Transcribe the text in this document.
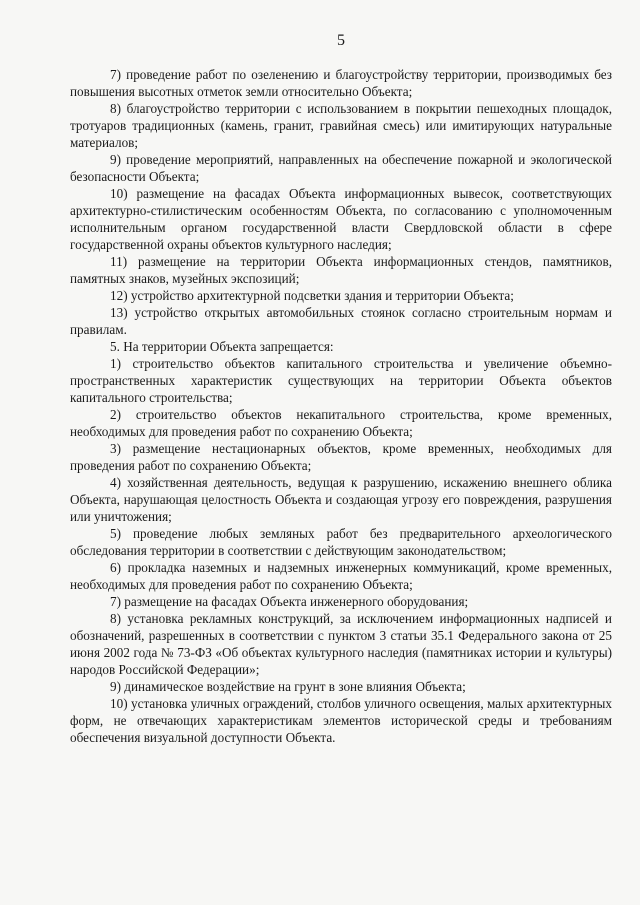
5

7) проведение работ по озеленению и благоустройству территории, производимых без повышения высотных отметок земли относительно Объекта;

8) благоустройство территории с использованием в покрытии пешеходных площадок, тротуаров традиционных (камень, гранит, гравийная смесь) или имитирующих натуральные материалов;

9) проведение мероприятий, направленных на обеспечение пожарной и экологической безопасности Объекта;

10) размещение на фасадах Объекта информационных вывесок, соответствующих архитектурно-стилистическим особенностям Объекта, по согласованию с уполномоченным исполнительным органом государственной власти Свердловской области в сфере государственной охраны объектов культурного наследия;

11) размещение на территории Объекта информационных стендов, памятников, памятных знаков, музейных экспозиций;

12) устройство архитектурной подсветки здания и территории Объекта;

13) устройство открытых автомобильных стоянок согласно строительным нормам и правилам.

5. На территории Объекта запрещается:

1) строительство объектов капитального строительства и увеличение объемно-пространственных характеристик существующих на территории Объекта объектов капитального строительства;

2) строительство объектов некапитального строительства, кроме временных, необходимых для проведения работ по сохранению Объекта;

3) размещение нестационарных объектов, кроме временных, необходимых для проведения работ по сохранению Объекта;

4) хозяйственная деятельность, ведущая к разрушению, искажению внешнего облика Объекта, нарушающая целостность Объекта и создающая угрозу его повреждения, разрушения или уничтожения;

5) проведение любых земляных работ без предварительного археологического обследования территории в соответствии с действующим законодательством;

6) прокладка наземных и надземных инженерных коммуникаций, кроме временных, необходимых для проведения работ по сохранению Объекта;

7) размещение на фасадах Объекта инженерного оборудования;

8) установка рекламных конструкций, за исключением информационных надписей и обозначений, разрешенных в соответствии с пунктом 3 статьи 35.1 Федерального закона от 25 июня 2002 года № 73-ФЗ «Об объектах культурного наследия (памятниках истории и культуры) народов Российской Федерации»;

9) динамическое воздействие на грунт в зоне влияния Объекта;

10) установка уличных ограждений, столбов уличного освещения, малых архитектурных форм, не отвечающих характеристикам элементов исторической среды и требованиям обеспечения визуальной доступности Объекта.
